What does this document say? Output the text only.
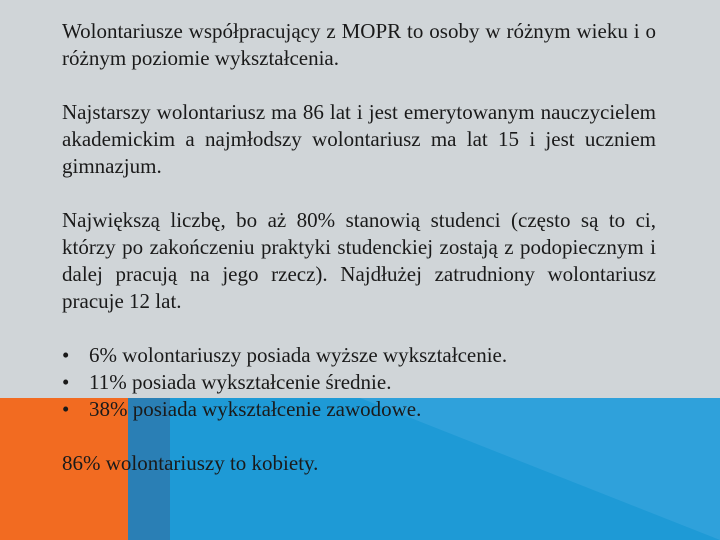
Wolontariusze współpracujący z MOPR to osoby w różnym wieku i o różnym poziomie wykształcenia.

Najstarszy wolontariusz ma 86 lat i jest emerytowanym nauczycielem akademickim a najmłodszy wolontariusz ma lat 15 i jest uczniem gimnazjum.

Największą liczbę, bo aż 80% stanowią studenci (często są to ci, którzy po zakończeniu praktyki studenckiej zostają z podopiecznym i dalej pracują na jego rzecz). Najdłużej zatrudniony wolontariusz pracuje 12 lat.

• 6% wolontariuszy posiada wyższe wykształcenie.
• 11% posiada wykształcenie średnie.
• 38% posiada wykształcenie zawodowe.

86% wolontariuszy to kobiety.
